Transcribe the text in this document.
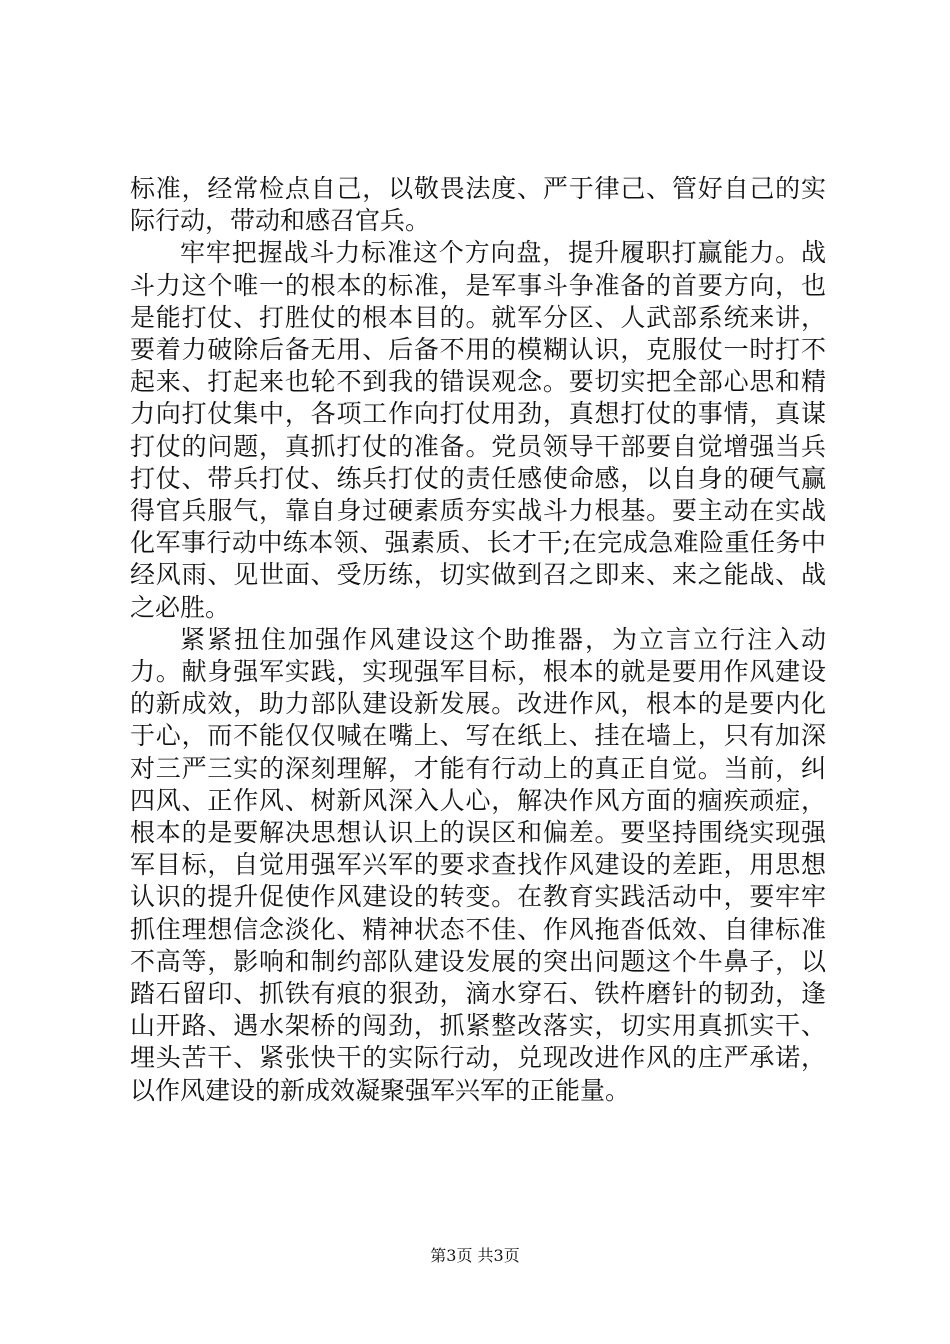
标准，经常检点自己，以敬畏法度、严于律己、管好自己的实际行动，带动和感召官兵。

牢牢把握战斗力标准这个方向盘，提升履职打赢能力。战斗力这个唯一的根本的标准，是军事斗争准备的首要方向，也是能打仗、打胜仗的根本目的。就军分区、人武部系统来讲，要着力破除后备无用、后备不用的模糊认识，克服仗一时打不起来、打起来也轮不到我的错误观念。要切实把全部心思和精力向打仗集中，各项工作向打仗用劲，真想打仗的事情，真谋打仗的问题，真抓打仗的准备。党员领导干部要自觉增强当兵打仗、带兵打仗、练兵打仗的责任感使命感，以自身的硬气赢得官兵服气，靠自身过硬素质夯实战斗力根基。要主动在实战化军事行动中练本领、强素质、长才干;在完成急难险重任务中经风雨、见世面、受历练，切实做到召之即来、来之能战、战之必胜。

紧紧扭住加强作风建设这个助推器，为立言立行注入动力。献身强军实践，实现强军目标，根本的就是要用作风建设的新成效，助力部队建设新发展。改进作风，根本的是要内化于心，而不能仅仅喊在嘴上、写在纸上、挂在墙上，只有加深对三严三实的深刻理解，才能有行动上的真正自觉。当前，纠四风、正作风、树新风深入人心，解决作风方面的痼疾顽症，根本的是要解决思想认识上的误区和偏差。要坚持围绕实现强军目标，自觉用强军兴军的要求查找作风建设的差距，用思想认识的提升促使作风建设的转变。在教育实践活动中，要牢牢抓住理想信念淡化、精神状态不佳、作风拖沓低效、自律标准不高等，影响和制约部队建设发展的突出问题这个牛鼻子，以踏石留印、抓铁有痕的狠劲，滴水穿石、铁杵磨针的韧劲，逢山开路、遇水架桥的闯劲，抓紧整改落实，切实用真抓实干、埋头苦干、紧张快干的实际行动，兑现改进作风的庄严承诺，以作风建设的新成效凝聚强军兴军的正能量。

第3页 共3页
